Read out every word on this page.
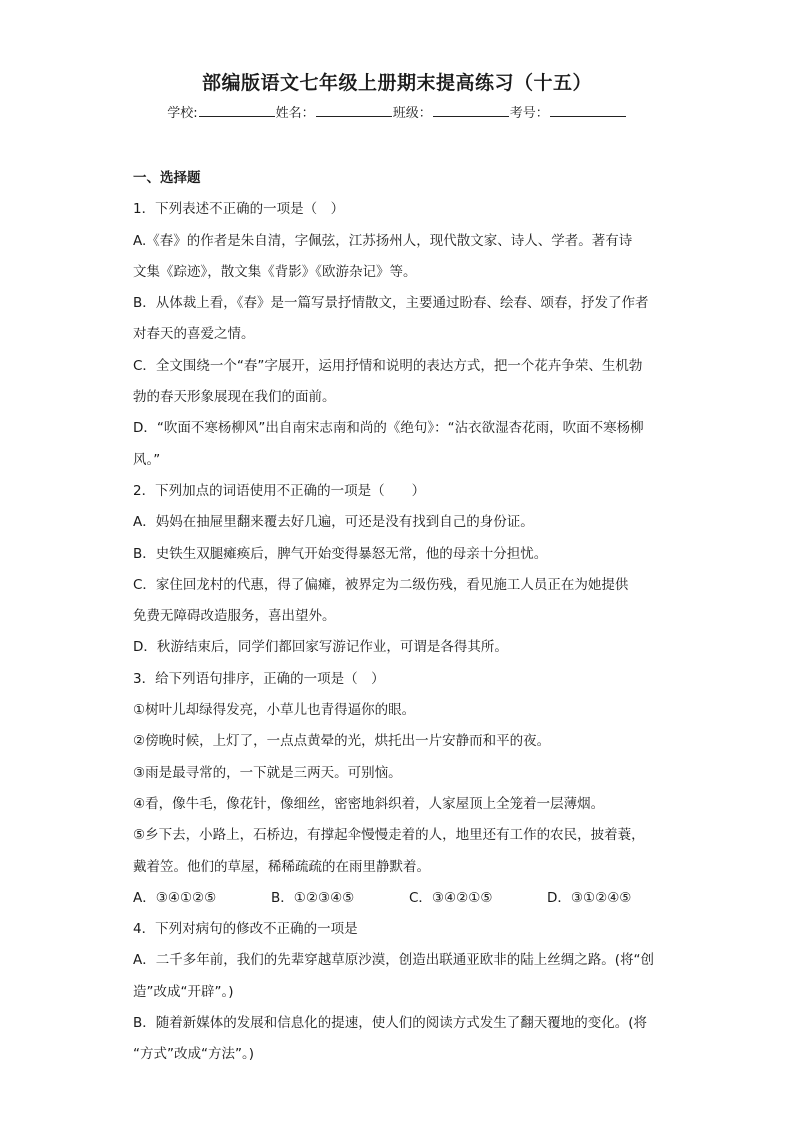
部编版语文七年级上册期末提高练习（十五）
学校:	姓名：	班级：	考号：

一、选择题

1．下列表述不正确的一项是（　）

A.《春》的作者是朱自清，字佩弦，江苏扬州人，现代散文家、诗人、学者。著有诗

文集《踪迹》，散文集《背影》《欧游杂记》等。

B．从体裁上看，《春》是一篇写景抒情散文，主要通过盼春、绘春、颂春，抒发了作者

对春天的喜爱之情。

C．全文围绕一个“春”字展开，运用抒情和说明的表达方式，把一个花卉争荣、生机勃

勃的春天形象展现在我们的面前。

D．“吹面不寒杨柳风”出自南宋志南和尚的《绝句》：“沾衣欲湿杏花雨，吹面不寒杨柳

风。”

2．下列加点的词语使用不正确的一项是（　　）

A．妈妈在抽屉里翻来覆去好几遍，可还是没有找到自己的身份证。

B．史铁生双腿瘫痪后，脾气开始变得暴怒无常，他的母亲十分担忧。

C．家住回龙村的代惠，得了偏瘫，被界定为二级伤残，看见施工人员正在为她提供

免费无障碍改造服务，喜出望外。

D．秋游结束后，同学们都回家写游记作业，可谓是各得其所。

3．给下列语句排序，正确的一项是（　）

①树叶儿却绿得发亮，小草儿也青得逼你的眼。

②傍晚时候，上灯了，一点点黄晕的光，烘托出一片安静而和平的夜。

③雨是最寻常的，一下就是三两天。可别恼。

④看，像牛毛，像花针，像细丝，密密地斜织着，人家屋顶上全笼着一层薄烟。

⑤乡下去，小路上，石桥边，有撑起伞慢慢走着的人，地里还有工作的农民，披着蓑，

戴着笠。他们的草屋，稀稀疏疏的在雨里静默着。

A．③④①②⑤	B．①②③④⑤	C．③④②①⑤	D．③①②④⑤

4．下列对病句的修改不正确的一项是

A．二千多年前，我们的先辈穿越草原沙漠，创造出联通亚欧非的陆上丝绸之路。(将“创

造”改成“开辟”。)

B．随着新媒体的发展和信息化的提速，使人们的阅读方式发生了翻天覆地的变化。(将

“方式”改成“方法”。)
